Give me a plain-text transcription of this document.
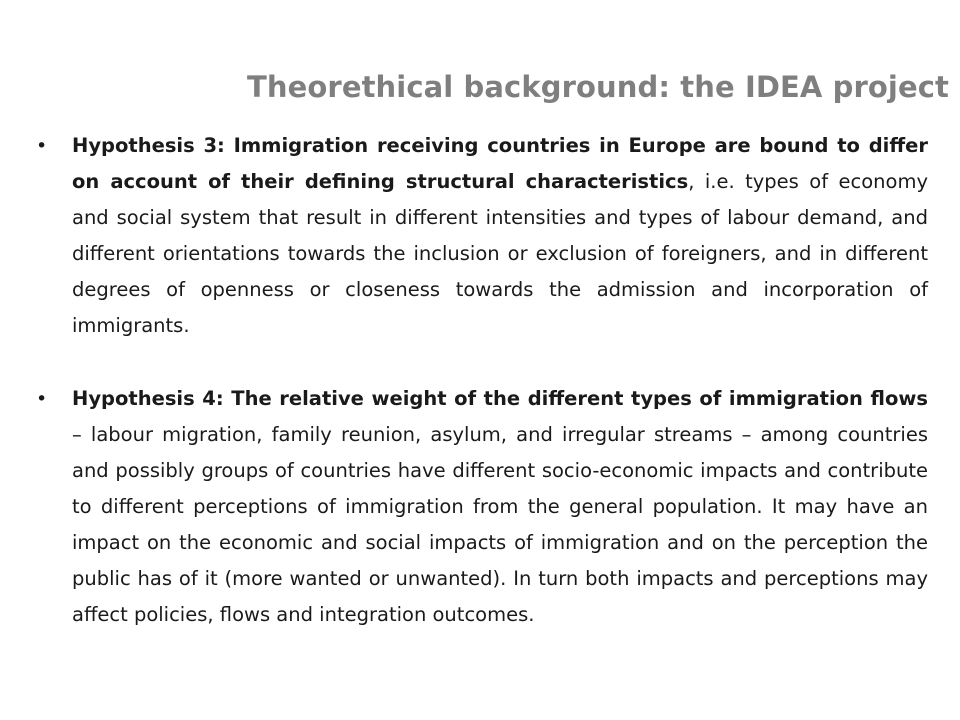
Theorethical background: the IDEA project
•	Hypothesis 3: Immigration receiving countries in Europe are bound to differ on account of their defining structural characteristics, i.e. types of economy and social system that result in different intensities and types of labour demand, and different orientations towards the inclusion or exclusion of foreigners, and in different degrees of openness or closeness towards the admission and incorporation of immigrants.
•	Hypothesis 4: The relative weight of the different types of immigration flows – labour migration, family reunion, asylum, and irregular streams – among countries and possibly groups of countries have different socio-economic impacts and contribute to different perceptions of immigration from the general population. It may have an impact on the economic and social impacts of immigration and on the perception the public has of it (more wanted or unwanted). In turn both impacts and perceptions may affect policies, flows and integration outcomes.
